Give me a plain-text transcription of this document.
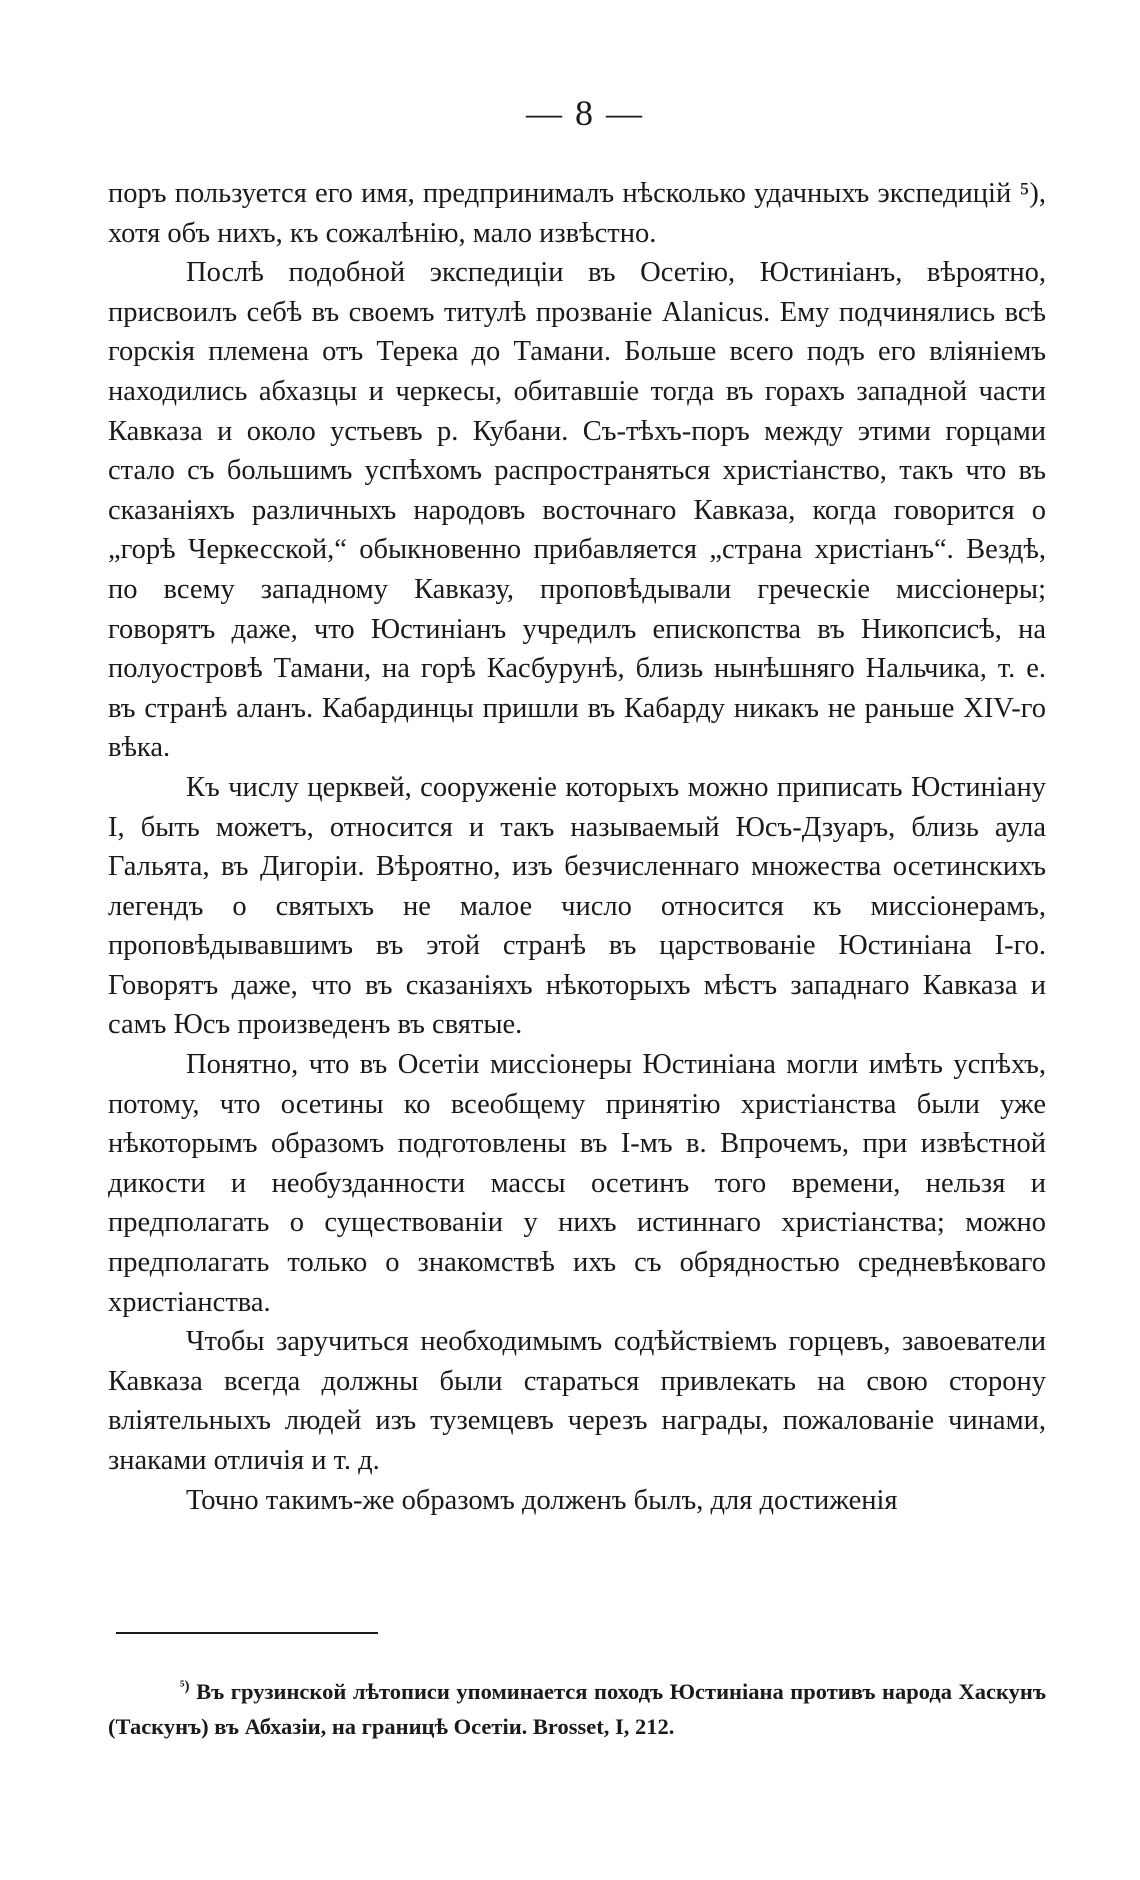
— 8 —

поръ пользуется его имя, предпринималъ нѣсколько удачныхъ экспедицій ⁵), хотя объ нихъ, къ сожалѣнію, мало извѣстно.

Послѣ подобной экспедиціи въ Осетію, Юстиніанъ, вѣроятно, присвоилъ себѣ въ своемъ титулѣ прозваніе Alanicus. Ему подчинялись всѣ горскія племена отъ Терека до Тамани. Больше всего подъ его вліяніемъ находились абхазцы и черкесы, обитавшіе тогда въ горахъ западной части Кавказа и около устьевъ р. Кубани. Съ-тѣхъ-поръ между этими горцами стало съ большимъ успѣхомъ распространяться христіанство, такъ что въ сказаніяхъ различныхъ народовъ восточнаго Кавказа, когда говорится о „горѣ Черкесской,“ обыкновенно прибавляется „страна христіанъ“. Вездѣ, по всему западному Кавказу, проповѣдывали греческіе миссіонеры; говорятъ даже, что Юстиніанъ учредилъ епископства въ Никопсисѣ, на полуостровѣ Тамани, на горѣ Касбурунѣ, близь нынѣшняго Нальчика, т. е. въ странѣ аланъ. Кабардинцы пришли въ Кабарду никакъ не раньше XIV-го вѣка.

Къ числу церквей, сооруженіе которыхъ можно приписать Юстиніану I, быть можетъ, относится и такъ называемый Юсъ-Дзуаръ, близь аула Гальята, въ Дигоріи. Вѣроятно, изъ безчисленнаго множества осетинскихъ легендъ о святыхъ не малое число относится къ миссіонерамъ, проповѣдывавшимъ въ этой странѣ въ царствованіе Юстиніана I-го. Говорятъ даже, что въ сказаніяхъ нѣкоторыхъ мѣстъ западнаго Кавказа и самъ Юсъ произведенъ въ святые.

Понятно, что въ Осетіи миссіонеры Юстиніана могли имѣть успѣхъ, потому, что осетины ко всеобщему принятію христіанства были уже нѣкоторымъ образомъ подготовлены въ I-мъ в. Впрочемъ, при извѣстной дикости и необузданности массы осетинъ того времени, нельзя и предполагать о существованіи у нихъ истиннаго христіанства; можно предполагать только о знакомствѣ ихъ съ обрядностью средневѣковаго христіанства.

Чтобы заручиться необходимымъ содѣйствіемъ горцевъ, завоеватели Кавказа всегда должны были стараться привлекать на свою сторону вліятельныхъ людей изъ туземцевъ черезъ награды, пожалованіе чинами, знаками отличія и т. д.

Точно такимъ-же образомъ долженъ былъ, для достиженія

$^{^5)}$ Въ грузинской лѣтописи упоминается походъ Юстиніана противъ народа Хаскунъ (Таскунъ) въ Абхазіи, на границѣ Осетіи. Brosset, I, 212.
